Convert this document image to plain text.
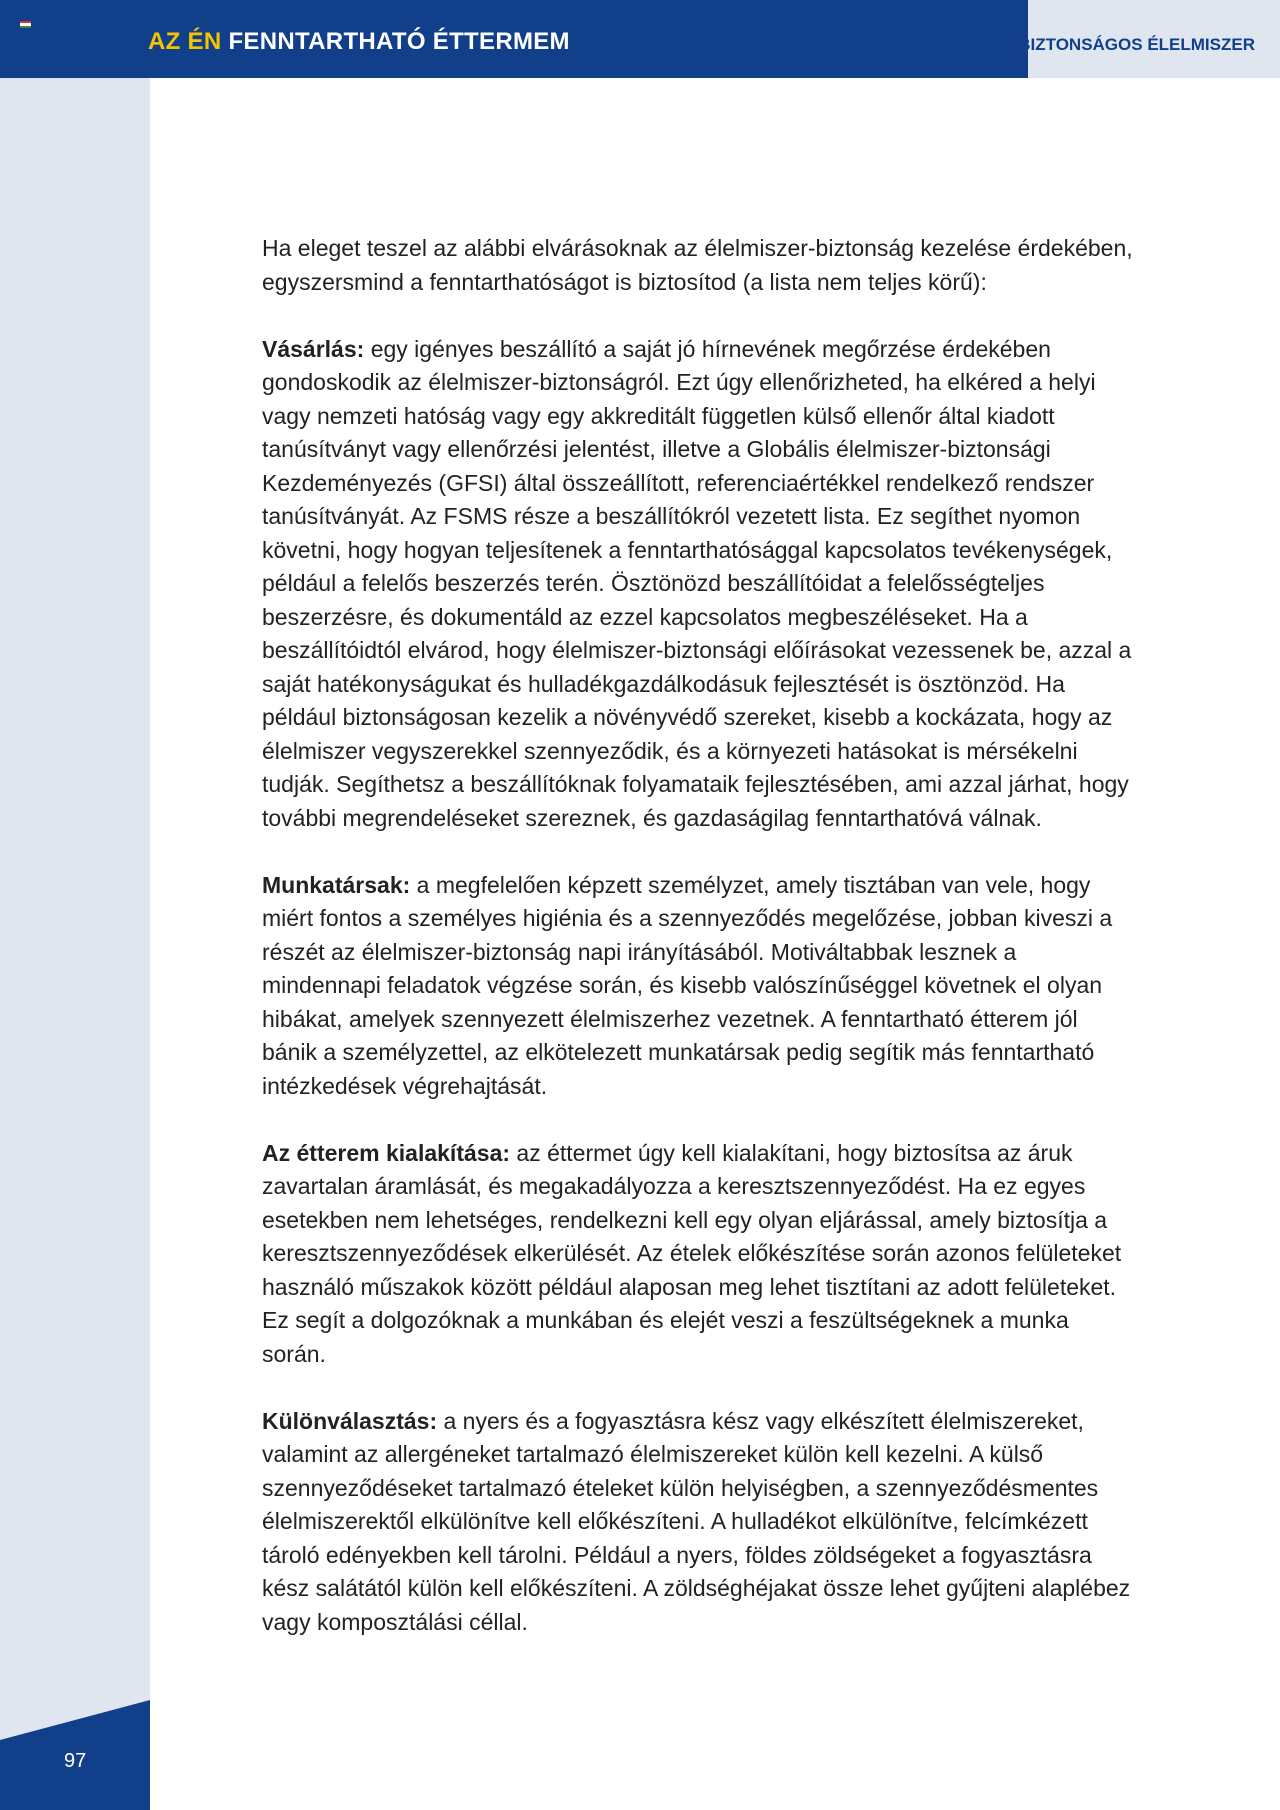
AZ ÉN FENNTARTHATÓ ÉTTERMEM	BIZTONSÁGOS ÉLELMISZER
97

Ha eleget teszel az alábbi elvárásoknak az élelmiszer-biztonság kezelése érdekében, egyszersmind a fenntarthatóságot is biztosítod (a lista nem teljes körű):

Vásárlás: egy igényes beszállító a saját jó hírnevének megőrzése érdekében gondoskodik az élelmiszer-biztonságról. Ezt úgy ellenőrizheted, ha elkéred a helyi vagy nemzeti hatóság vagy egy akkreditált független külső ellenőr által kiadott tanúsítványt vagy ellenőrzési jelentést, illetve a Globális élelmiszer-biztonsági Kezdeményezés (GFSI) által összeállított, referenciaértékkel rendelkező rendszer tanúsítványát. Az FSMS része a beszállítókról vezetett lista. Ez segíthet nyomon követni, hogy hogyan teljesítenek a fenntarthatósággal kapcsolatos tevékenységek, például a felelős beszerzés terén. Ösztönözd beszállítóidat a felelősségteljes beszerzésre, és dokumentáld az ezzel kapcsolatos megbeszéléseket. Ha a beszállítóidtól elvárod, hogy élelmiszer-biztonsági előírásokat vezessenek be, azzal a saját hatékonyságukat és hulladékgazdálkodásuk fejlesztését is ösztönzöd. Ha például biztonságosan kezelik a növényvédő szereket, kisebb a kockázata, hogy az élelmiszer vegyszerekkel szennyeződik, és a környezeti hatásokat is mérsékelni tudják. Segíthetsz a beszállítóknak folyamataik fejlesztésében, ami azzal járhat, hogy további megrendeléseket szereznek, és gazdaságilag fenntarthatóvá válnak.

Munkatársak: a megfelelően képzett személyzet, amely tisztában van vele, hogy miért fontos a személyes higiénia és a szennyeződés megelőzése, jobban kiveszi a részét az élelmiszer-biztonság napi irányításából. Motiváltabbak lesznek a mindennapi feladatok végzése során, és kisebb valószínűséggel követnek el olyan hibákat, amelyek szennyezett élelmiszerhez vezetnek. A fenntartható étterem jól bánik a személyzettel, az elkötelezett munkatársak pedig segítik más fenntartható intézkedések végrehajtását.

Az étterem kialakítása: az éttermet úgy kell kialakítani, hogy biztosítsa az áruk zavartalan áramlását, és megakadályozza a keresztszennyeződést. Ha ez egyes esetekben nem lehetséges, rendelkezni kell egy olyan eljárással, amely biztosítja a keresztszennyeződések elkerülését. Az ételek előkészítése során azonos felületeket használó műszakok között például alaposan meg lehet tisztítani az adott felületeket. Ez segít a dolgozóknak a munkában és elejét veszi a feszültségeknek a munka során.

Különválasztás: a nyers és a fogyasztásra kész vagy elkészített élelmiszereket, valamint az allergéneket tartalmazó élelmiszereket külön kell kezelni. A külső szennyeződéseket tartalmazó ételeket külön helyiségben, a szennyeződésmentes élelmiszerektől elkülönítve kell előkészíteni. A hulladékot elkülönítve, felcímkézett tároló edényekben kell tárolni. Például a nyers, földes zöldségeket a fogyasztásra kész salátától külön kell előkészíteni. A zöldséghéjakat össze lehet gyűjteni alaplébez vagy komposztálási céllal.
